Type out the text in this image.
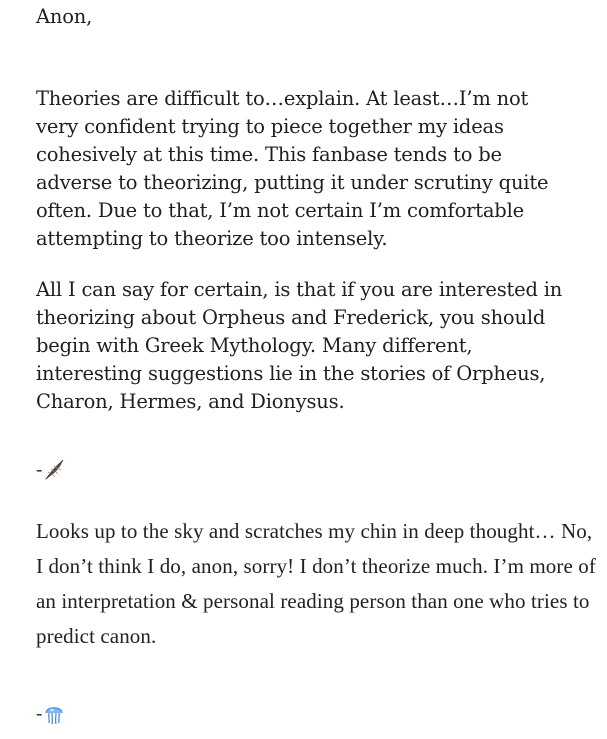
Anon,

Theories are difficult to…explain. At least…I’m not very confident trying to piece together my ideas cohesively at this time. This fanbase tends to be adverse to theorizing, putting it under scrutiny quite often. Due to that, I’m not certain I’m comfortable attempting to theorize too intensely.

All I can say for certain, is that if you are interested in theorizing about Orpheus and Frederick, you should begin with Greek Mythology. Many different, interesting suggestions lie in the stories of Orpheus, Charon, Hermes, and Dionysus.

-

Looks up to the sky and scratches my chin in deep thought… No, I don’t think I do, anon, sorry! I don’t theorize much. I’m more of an interpretation & personal reading person than one who tries to predict canon.

-
